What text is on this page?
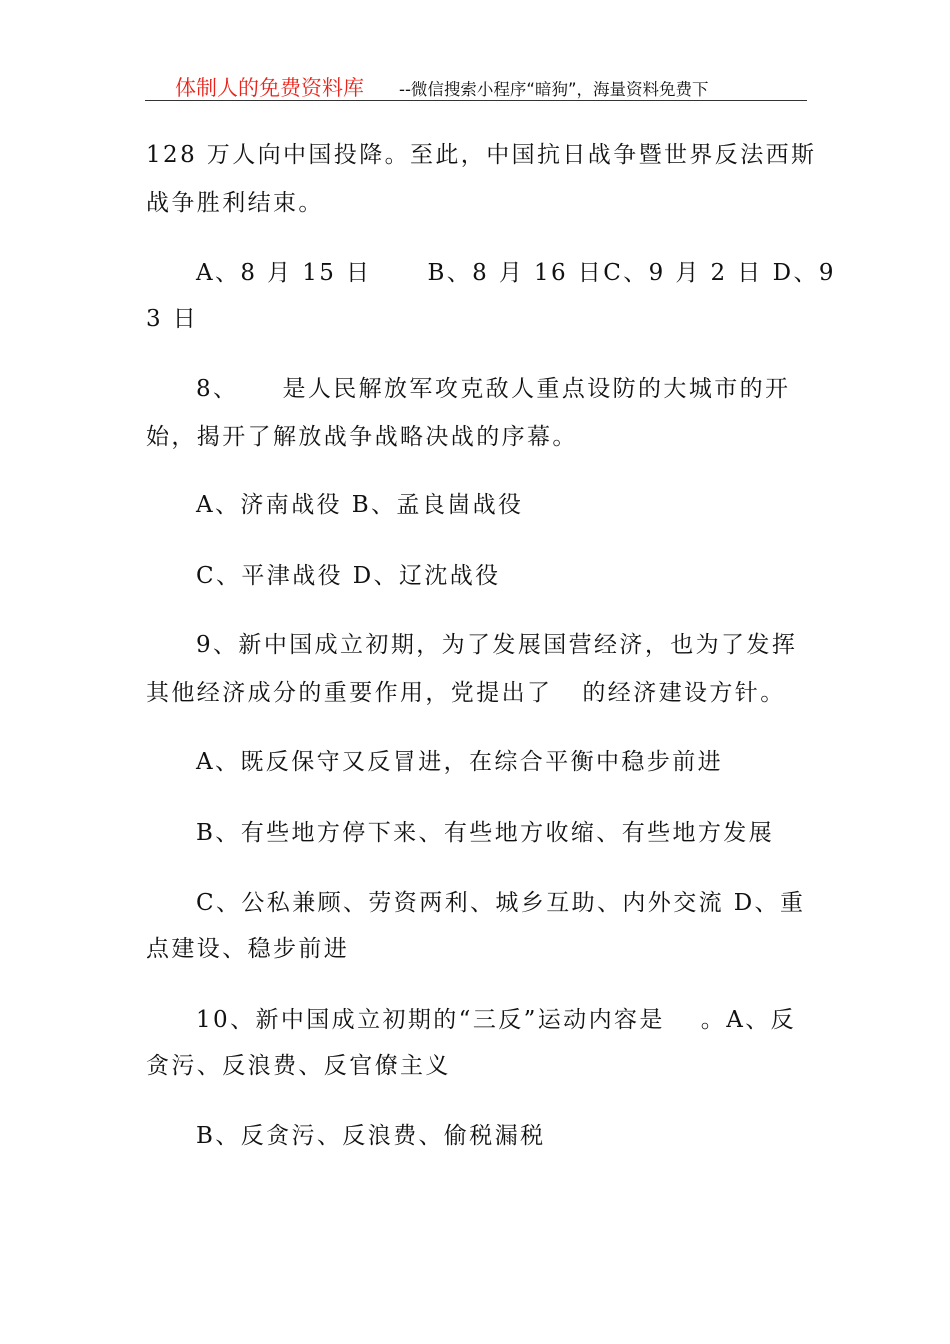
体制人的免费资料库 --微信搜索小程序“暗狗”，海量资料免费下
128 万人向中国投降。至此，中国抗日战争暨世界反法西斯
战争胜利结束。
A、8 月 15 日 B、8 月 16 日C、9 月 2 日 D、9
3 日
8、 是人民解放军攻克敌人重点设防的大城市的开
始，揭开了解放战争战略决战的序幕。
A、济南战役 B、孟良崮战役
C、平津战役 D、辽沈战役
9、新中国成立初期，为了发展国营经济，也为了发挥
其他经济成分的重要作用，党提出了 的经济建设方针。
A、既反保守又反冒进，在综合平衡中稳步前进
B、有些地方停下来、有些地方收缩、有些地方发展
C、公私兼顾、劳资两利、城乡互助、内外交流 D、重
点建设、稳步前进
10、新中国成立初期的“三反”运动内容是 。A、反
贪污、反浪费、反官僚主义
B、反贪污、反浪费、偷税漏税
